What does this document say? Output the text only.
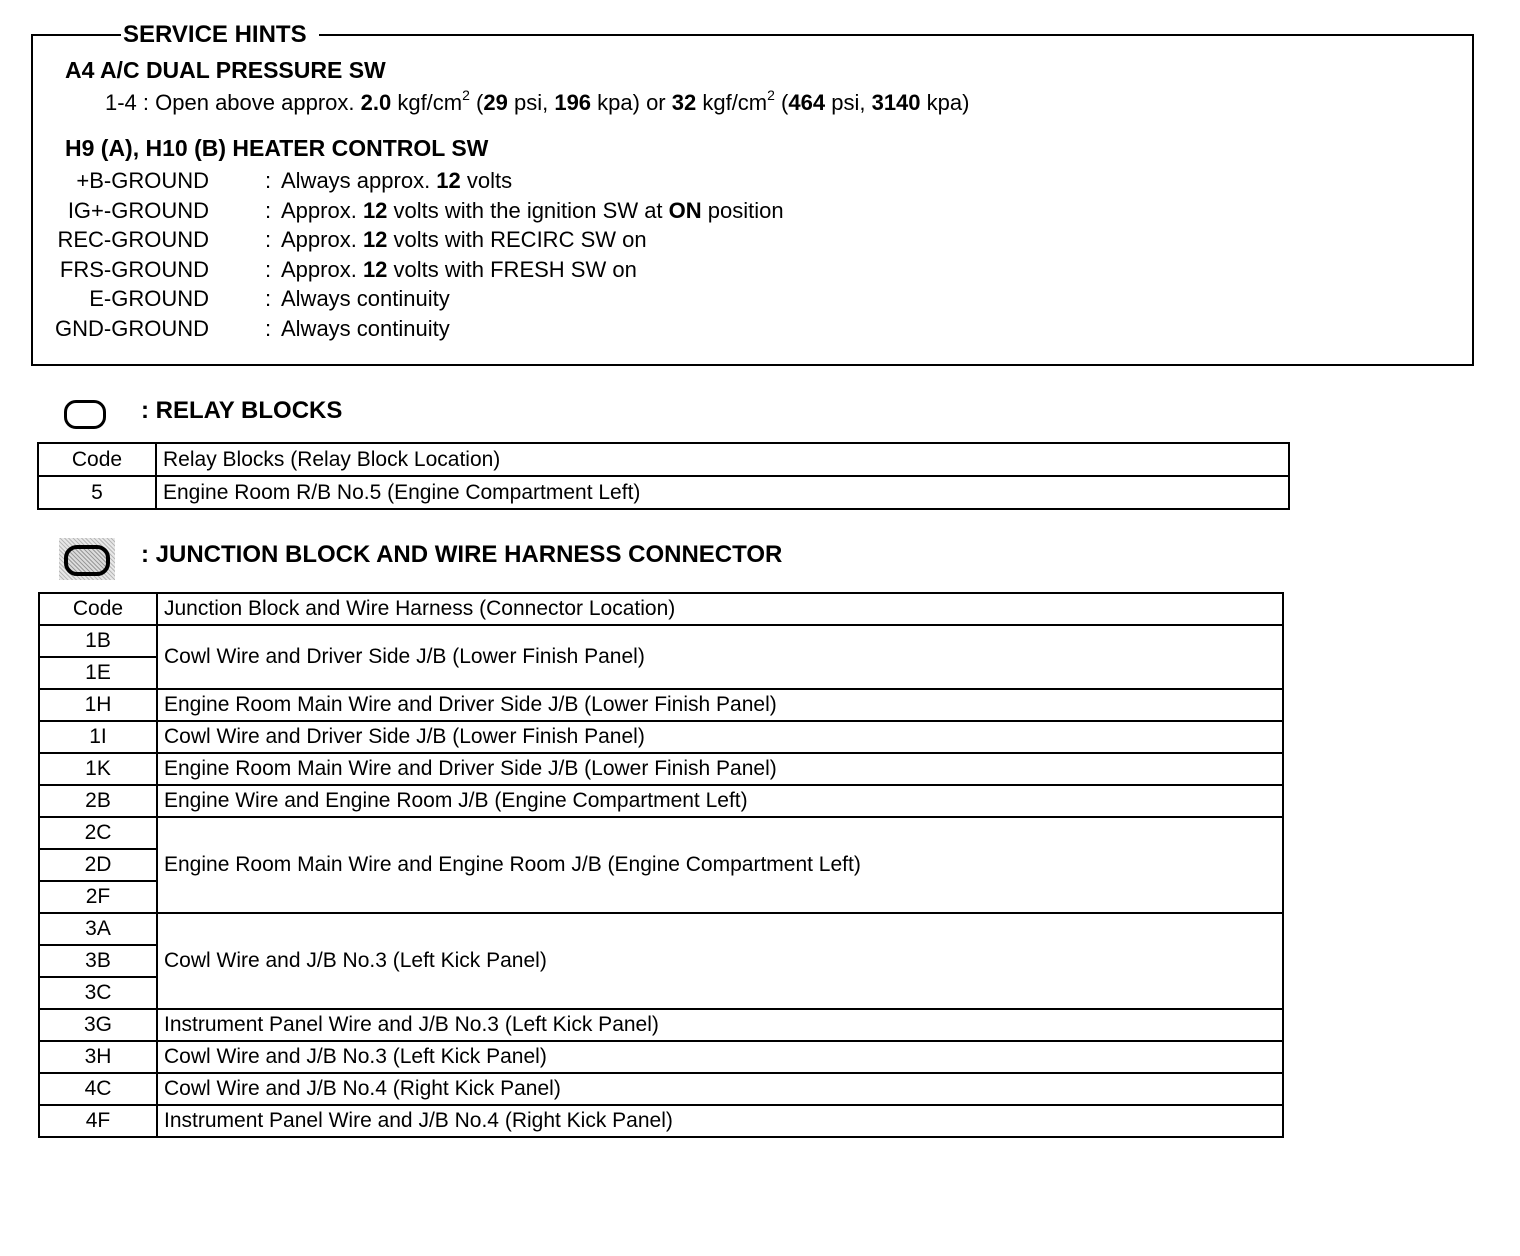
SERVICE HINTS
A4 A/C DUAL PRESSURE SW
1-4 : Open above approx. 2.0 kgf/$cm^2$ (29 psi, 196 kpa) or 32 kgf/$cm^2$ (464 psi, 3140 kpa)
H9 (A), H10 (B) HEATER CONTROL SW
+B-GROUND	: Always approx. 12 volts
IG+-GROUND	: Approx. 12 volts with the ignition SW at ON position
REC-GROUND	: Approx. 12 volts with RECIRC SW on
FRS-GROUND	: Approx. 12 volts with FRESH SW on
E-GROUND	: Always continuity
GND-GROUND	: Always continuity
: RELAY BLOCKS
Code	Relay Blocks (Relay Block Location)
5	Engine Room R/B No.5 (Engine Compartment Left)
: JUNCTION BLOCK AND WIRE HARNESS CONNECTOR
Code	Junction Block and Wire Harness (Connector Location)
1B	Cowl Wire and Driver Side J/B (Lower Finish Panel)
1E	
1H	Engine Room Main Wire and Driver Side J/B (Lower Finish Panel)
1I	Cowl Wire and Driver Side J/B (Lower Finish Panel)
1K	Engine Room Main Wire and Driver Side J/B (Lower Finish Panel)
2B	Engine Wire and Engine Room J/B (Engine Compartment Left)
2C	Engine Room Main Wire and Engine Room J/B (Engine Compartment Left)
2D	
2F	
3A	Cowl Wire and J/B No.3 (Left Kick Panel)
3B	
3C	
3G	Instrument Panel Wire and J/B No.3 (Left Kick Panel)
3H	Cowl Wire and J/B No.3 (Left Kick Panel)
4C	Cowl Wire and J/B No.4 (Right Kick Panel)
4F	Instrument Panel Wire and J/B No.4 (Right Kick Panel)
